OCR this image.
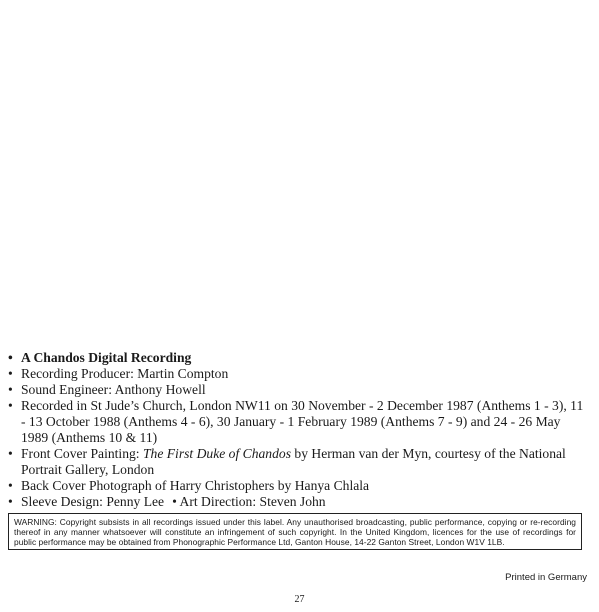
• A Chandos Digital Recording
• Recording Producer: Martin Compton
• Sound Engineer: Anthony Howell
• Recorded in St Jude’s Church, London NW11 on 30 November - 2 December 1987 (Anthems 1 - 3), 11 - 13 October 1988 (Anthems 4 - 6), 30 January - 1 February 1989 (Anthems 7 - 9) and 24 - 26 May 1989 (Anthems 10 & 11)
• Front Cover Painting: The First Duke of Chandos by Herman van der Myn, courtesy of the National Portrait Gallery, London
• Back Cover Photograph of Harry Christophers by Hanya Chlala
• Sleeve Design: Penny Lee • Art Direction: Steven John
WARNING: Copyright subsists in all recordings issued under this label. Any unauthorised broadcasting, public performance, copying or re-recording thereof in any manner whatsoever will constitute an infringement of such copyright. In the United Kingdom, licences for the use of recordings for public performance may be obtained from Phonographic Performance Ltd, Ganton House, 14-22 Ganton Street, London W1V 1LB.
Printed in Germany
27
